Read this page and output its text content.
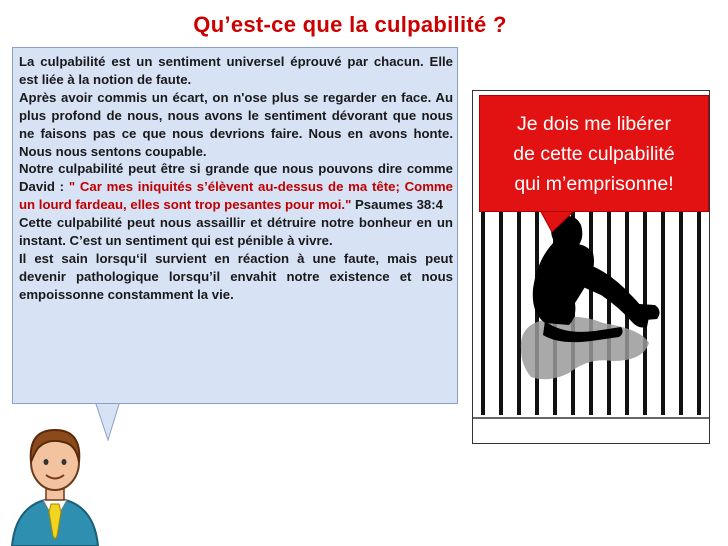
Qu’est-ce que la culpabilité ?
La culpabilité est un sentiment universel éprouvé par chacun. Elle est liée à la notion de faute.
Après avoir commis un écart, on n'ose plus se regarder en face. Au plus profond de nous, nous avons le sentiment dévorant que nous ne faisons pas ce que nous devrions faire. Nous en avons honte. Nous nous sentons coupable.
Notre culpabilité peut être si grande que nous pouvons dire comme David : " Car mes iniquités s’élèvent au-dessus de ma tête; Comme un lourd fardeau, elles sont trop pesantes pour moi." Psaumes 38:4
Cette culpabilité peut nous assaillir et détruire notre bonheur en un instant. C’est un sentiment qui est pénible à vivre.
Il est sain lorsqu‘il survient en réaction à une faute, mais peut devenir pathologique lorsqu’il envahit notre existence et nous empoissonne constamment la vie.
Je dois me libérer
de cette culpabilité
qui m’emprisonne!
